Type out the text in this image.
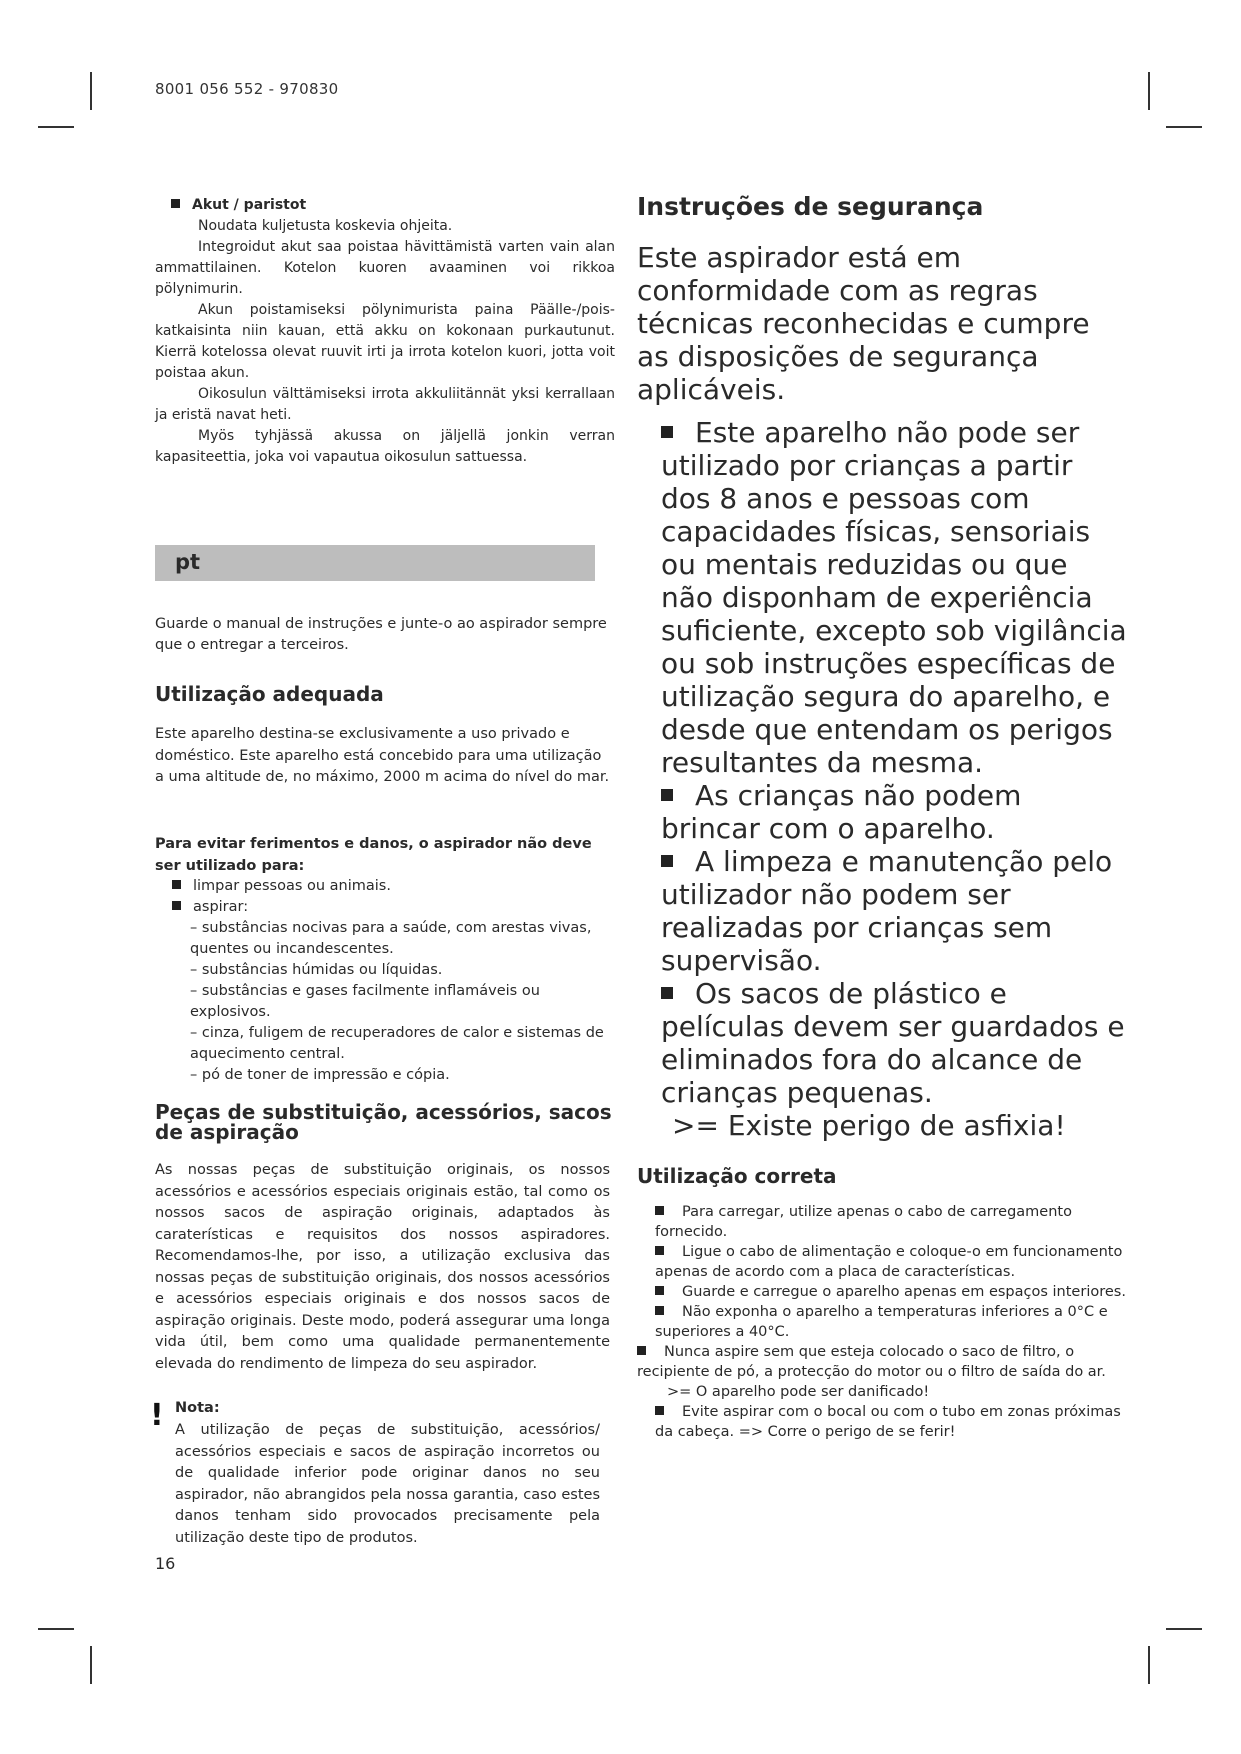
8001 056 552 - 970830
Akut / paristot
Noudata kuljetusta koskevia ohjeita.
Integroidut akut saa poistaa hävittämistä varten vain alan ammattilainen. Kotelon kuoren avaaminen voi rikkoa pölynimurin.
Akun poistamiseksi pölynimurista paina Päälle-/pois-katkaisinta niin kauan, että akku on kokonaan purkautunut. Kierrä kotelossa olevat ruuvit irti ja irrota kotelon kuori, jotta voit poistaa akun.
Oikosulun välttämiseksi irrota akkuliitännät yksi kerrallaan ja eristä navat heti.
Myös tyhjässä akussa on jäljellä jonkin verran kapasiteettia, joka voi vapautua oikosulun sattuessa.
pt
Guarde o manual de instruções e junte-o ao aspirador sempre que o entregar a terceiros.
Utilização adequada
Este aparelho destina-se exclusivamente a uso privado e doméstico. Este aparelho está concebido para uma utilização a uma altitude de, no máximo, 2000 m acima do nível do mar.
Para evitar ferimentos e danos, o aspirador não deve ser utilizado para:
limpar pessoas ou animais.
aspirar:
– substâncias nocivas para a saúde, com arestas vivas, quentes ou incandescentes.
– substâncias húmidas ou líquidas.
– substâncias e gases facilmente inflamáveis ou explosivos.
– cinza, fuligem de recuperadores de calor e sistemas de aquecimento central.
– pó de toner de impressão e cópia.
Peças de substituição, acessórios, sacos de aspiração
As nossas peças de substituição originais, os nossos acessórios e acessórios especiais originais estão, tal como os nossos sacos de aspiração originais, adaptados às caraterísticas e requisitos dos nossos aspiradores. Recomendamos-lhe, por isso, a utilização exclusiva das nossas peças de substituição originais, dos nossos acessórios e acessórios especiais originais e dos nossos sacos de aspiração originais. Deste modo, poderá assegurar uma longa vida útil, bem como uma qualidade permanentemente elevada do rendimento de limpeza do seu aspirador.
! Nota:
A utilização de peças de substituição, acessórios/ acessórios especiais e sacos de aspiração incorretos ou de qualidade inferior pode originar danos no seu aspirador, não abrangidos pela nossa garantia, caso estes danos tenham sido provocados precisamente pela utilização deste tipo de produtos.
16
Instruções de segurança
Este aspirador está em conformidade com as regras técnicas reconhecidas e cumpre as disposições de segurança aplicáveis.
Este aparelho não pode ser utilizado por crianças a partir dos 8 anos e pessoas com capacidades físicas, sensoriais ou mentais reduzidas ou que não disponham de experiência suficiente, excepto sob vigilância ou sob instruções específicas de utilização segura do aparelho, e desde que entendam os perigos resultantes da mesma.
As crianças não podem brincar com o aparelho.
A limpeza e manutenção pelo utilizador não podem ser realizadas por crianças sem supervisão.
Os sacos de plástico e películas devem ser guardados e eliminados fora do alcance de crianças pequenas.
>= Existe perigo de asfixia!
Utilização correta
Para carregar, utilize apenas o cabo de carregamento fornecido.
Ligue o cabo de alimentação e coloque-o em funcionamento apenas de acordo com a placa de características.
Guarde e carregue o aparelho apenas em espaços interiores.
Não exponha o aparelho a temperaturas inferiores a 0°C e superiores a 40°C.
Nunca aspire sem que esteja colocado o saco de filtro, o recipiente de pó, a protecção do motor ou o filtro de saída do ar.
>= O aparelho pode ser danificado!
Evite aspirar com o bocal ou com o tubo em zonas próximas da cabeça. => Corre o perigo de se ferir!
